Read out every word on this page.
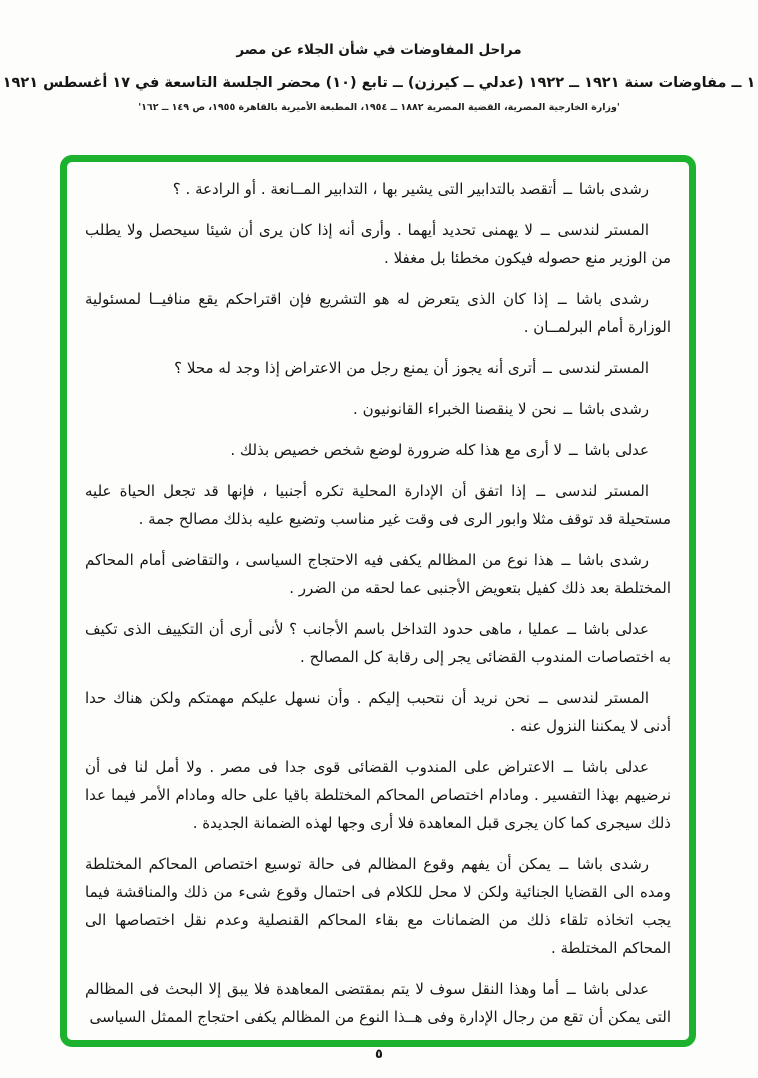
مراحل المفاوضات في شأن الجلاء عن مصر
١ ــ مفاوضات سنة ١٩٢١ ــ ١٩٢٢ (عدلي ــ كيرزن) ــ تابع (١٠) محضر الجلسة التاسعة في ١٧ أغسطس ١٩٢١
'وزارة الخارجية المصرية، القضية المصرية ١٨٨٢ ــ ١٩٥٤، المطبعة الأميرية بالقاهرة ١٩٥٥، ص ١٤٩ ــ ١٦٢'

رشدى باشا ــ أتقصد بالتدابير التى يشير بها ، التدابير المــانعة . أو الرادعة . ؟

المستر لندسى ــ لا يهمنى تحديد أيهما . وأرى أنه إذا كان يرى أن شيئا سيحصل ولا يطلب من الوزير منع حصوله فيكون مخطئا بل مغفلا .

رشدى باشا ــ إذا كان الذى يتعرض له هو التشريع فإن اقتراحكم يقع منافيــا لمسئولية الوزارة أمام البرلمــان .

المستر لندسى ــ أترى أنه يجوز أن يمنع رجل من الاعتراض إذا وجد له محلا ؟

رشدى باشا ــ نحن لا ينقصنا الخبراء القانونيون .

عدلى باشا ــ لا أرى مع هذا كله ضرورة لوضع شخص خصيص بذلك .

المستر لندسى ــ إذا اتفق أن الإدارة المحلية تكره أجنبيا ، فإنها قد تجعل الحياة عليه مستحيلة قد توقف مثلا وابور الرى فى وقت غير مناسب وتضيع عليه بذلك مصالح جمة .

رشدى باشا ــ هذا نوع من المظالم يكفى فيه الاحتجاج السياسى ، والتقاضى أمام المحاكم المختلطة بعد ذلك كفيل بتعويض الأجنبى عما لحقه من الضرر .

عدلى باشا ــ عمليا ، ماهى حدود التداخل باسم الأجانب ؟ لأنى أرى أن التكييف الذى تكيف به اختصاصات المندوب القضائى يجر إلى رقابة كل المصالح .

المستر لندسى ــ نحن نريد أن نتحبب إليكم . وأن نسهل عليكم مهمتكم ولكن هناك حدا أدنى لا يمكننا النزول عنه .

عدلى باشا ــ الاعتراض على المندوب القضائى قوى جدا فى مصر . ولا أمل لنا فى أن نرضيهم بهذا التفسير . ومادام اختصاص المحاكم المختلطة باقيا على حاله ومادام الأمر فيما عدا ذلك سيجرى كما كان يجرى قبل المعاهدة فلا أرى وجها لهذه الضمانة الجديدة .

رشدى باشا ــ يمكن أن يفهم وقوع المظالم فى حالة توسيع اختصاص المحاكم المختلطة ومده الى القضايا الجنائية ولكن لا محل للكلام فى احتمال وقوع شىء من ذلك والمناقشة فيما يجب اتخاذه تلقاء ذلك من الضمانات مع بقاء المحاكم القنصلية وعدم نقل اختصاصها الى المحاكم المختلطة .

عدلى باشا ــ أما وهذا النقل سوف لا يتم بمقتضى المعاهدة فلا يبق إلا البحث فى المظالم التى يمكن أن تقع من رجال الإدارة وفى هــذا النوع من المظالم يكفى احتجاج الممثل السياسى

٥
